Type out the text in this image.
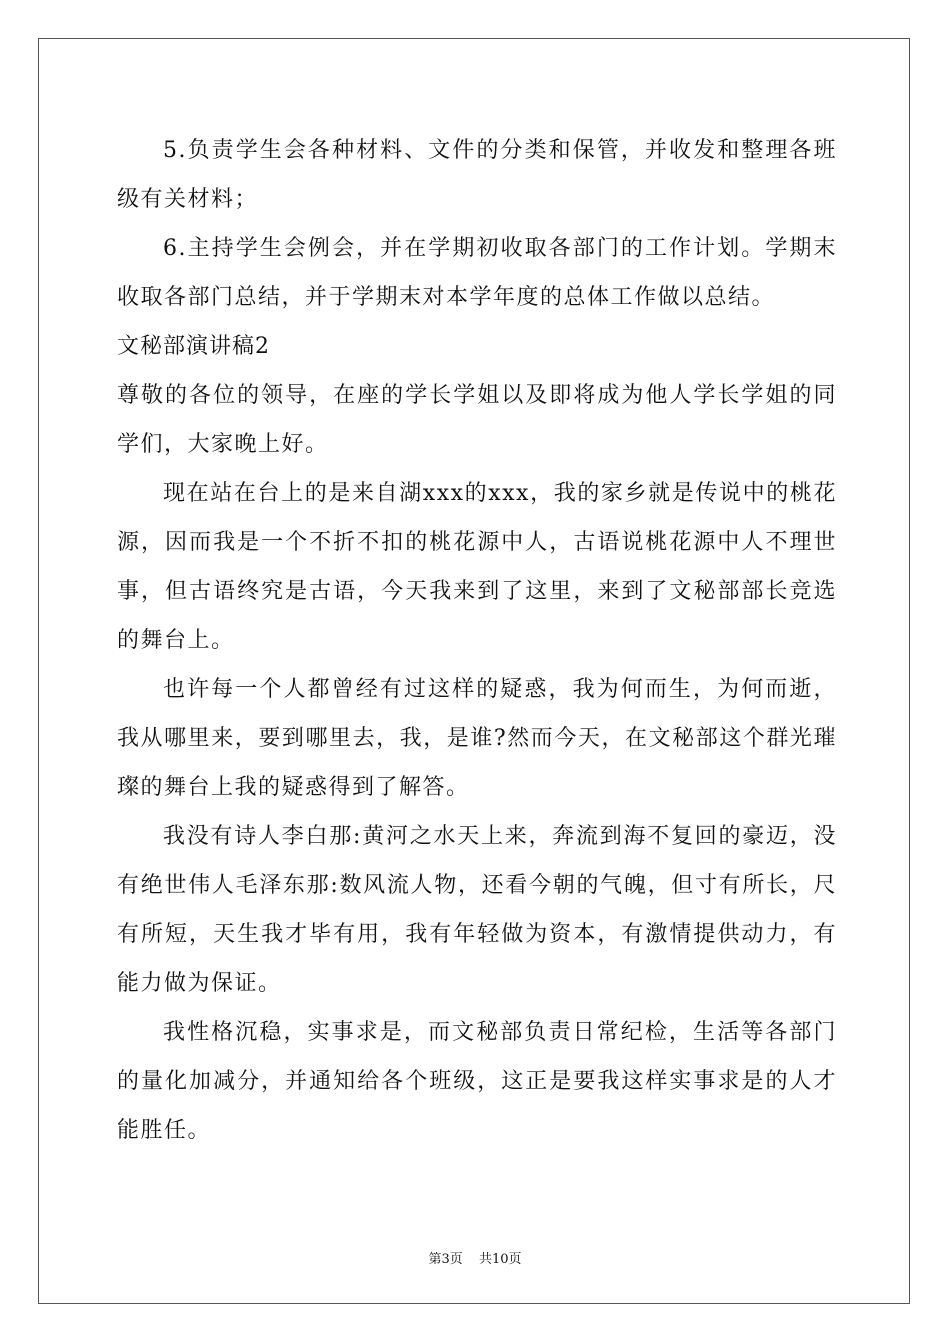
5.负责学生会各种材料、文件的分类和保管，并收发和整理各班级有关材料；

6.主持学生会例会，并在学期初收取各部门的工作计划。学期末收取各部门总结，并于学期末对本学年度的总体工作做以总结。

文秘部演讲稿2

尊敬的各位的领导，在座的学长学姐以及即将成为他人学长学姐的同学们，大家晚上好。

现在站在台上的是来自湖xxx的xxx，我的家乡就是传说中的桃花源，因而我是一个不折不扣的桃花源中人，古语说桃花源中人不理世事，但古语终究是古语，今天我来到了这里，来到了文秘部部长竞选的舞台上。

也许每一个人都曾经有过这样的疑惑，我为何而生，为何而逝，我从哪里来，要到哪里去，我，是谁?然而今天，在文秘部这个群光璀璨的舞台上我的疑惑得到了解答。

我没有诗人李白那:黄河之水天上来，奔流到海不复回的豪迈，没有绝世伟人毛泽东那:数风流人物，还看今朝的气魄，但寸有所长，尺有所短，天生我才毕有用，我有年轻做为资本，有激情提供动力，有能力做为保证。

我性格沉稳，实事求是，而文秘部负责日常纪检，生活等各部门的量化加减分，并通知给各个班级，这正是要我这样实事求是的人才能胜任。

第3页 共10页
